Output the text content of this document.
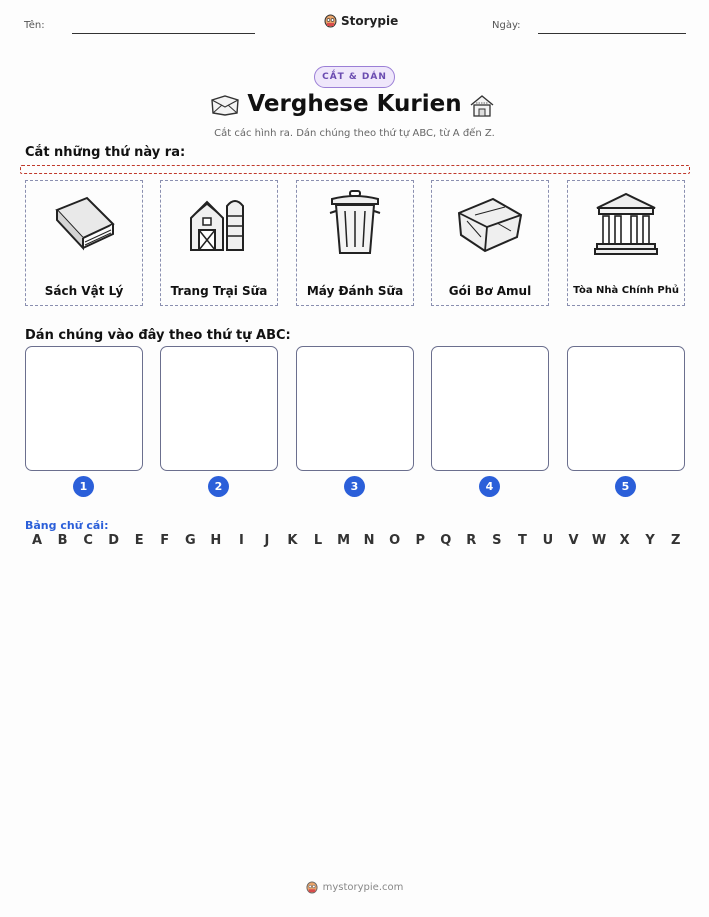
Tên:	Storypie	Ngày:
CẮT & DÁN
Verghese Kurien
Cắt các hình ra. Dán chúng theo thứ tự ABC, từ A đến Z.
Cắt những thứ này ra:
Sách Vật Lý	Trang Trại Sữa	Máy Đánh Sữa	Gói Bơ Amul	Tòa Nhà Chính Phủ
Dán chúng vào đây theo thứ tự ABC:
1	2	3	4	5
Bảng chữ cái:
A	B	C	D	E	F	G	H	I	J	K	L	M	N	O	P	Q	R	S	T	U	V	W	X	Y	Z
mystorypie.com
